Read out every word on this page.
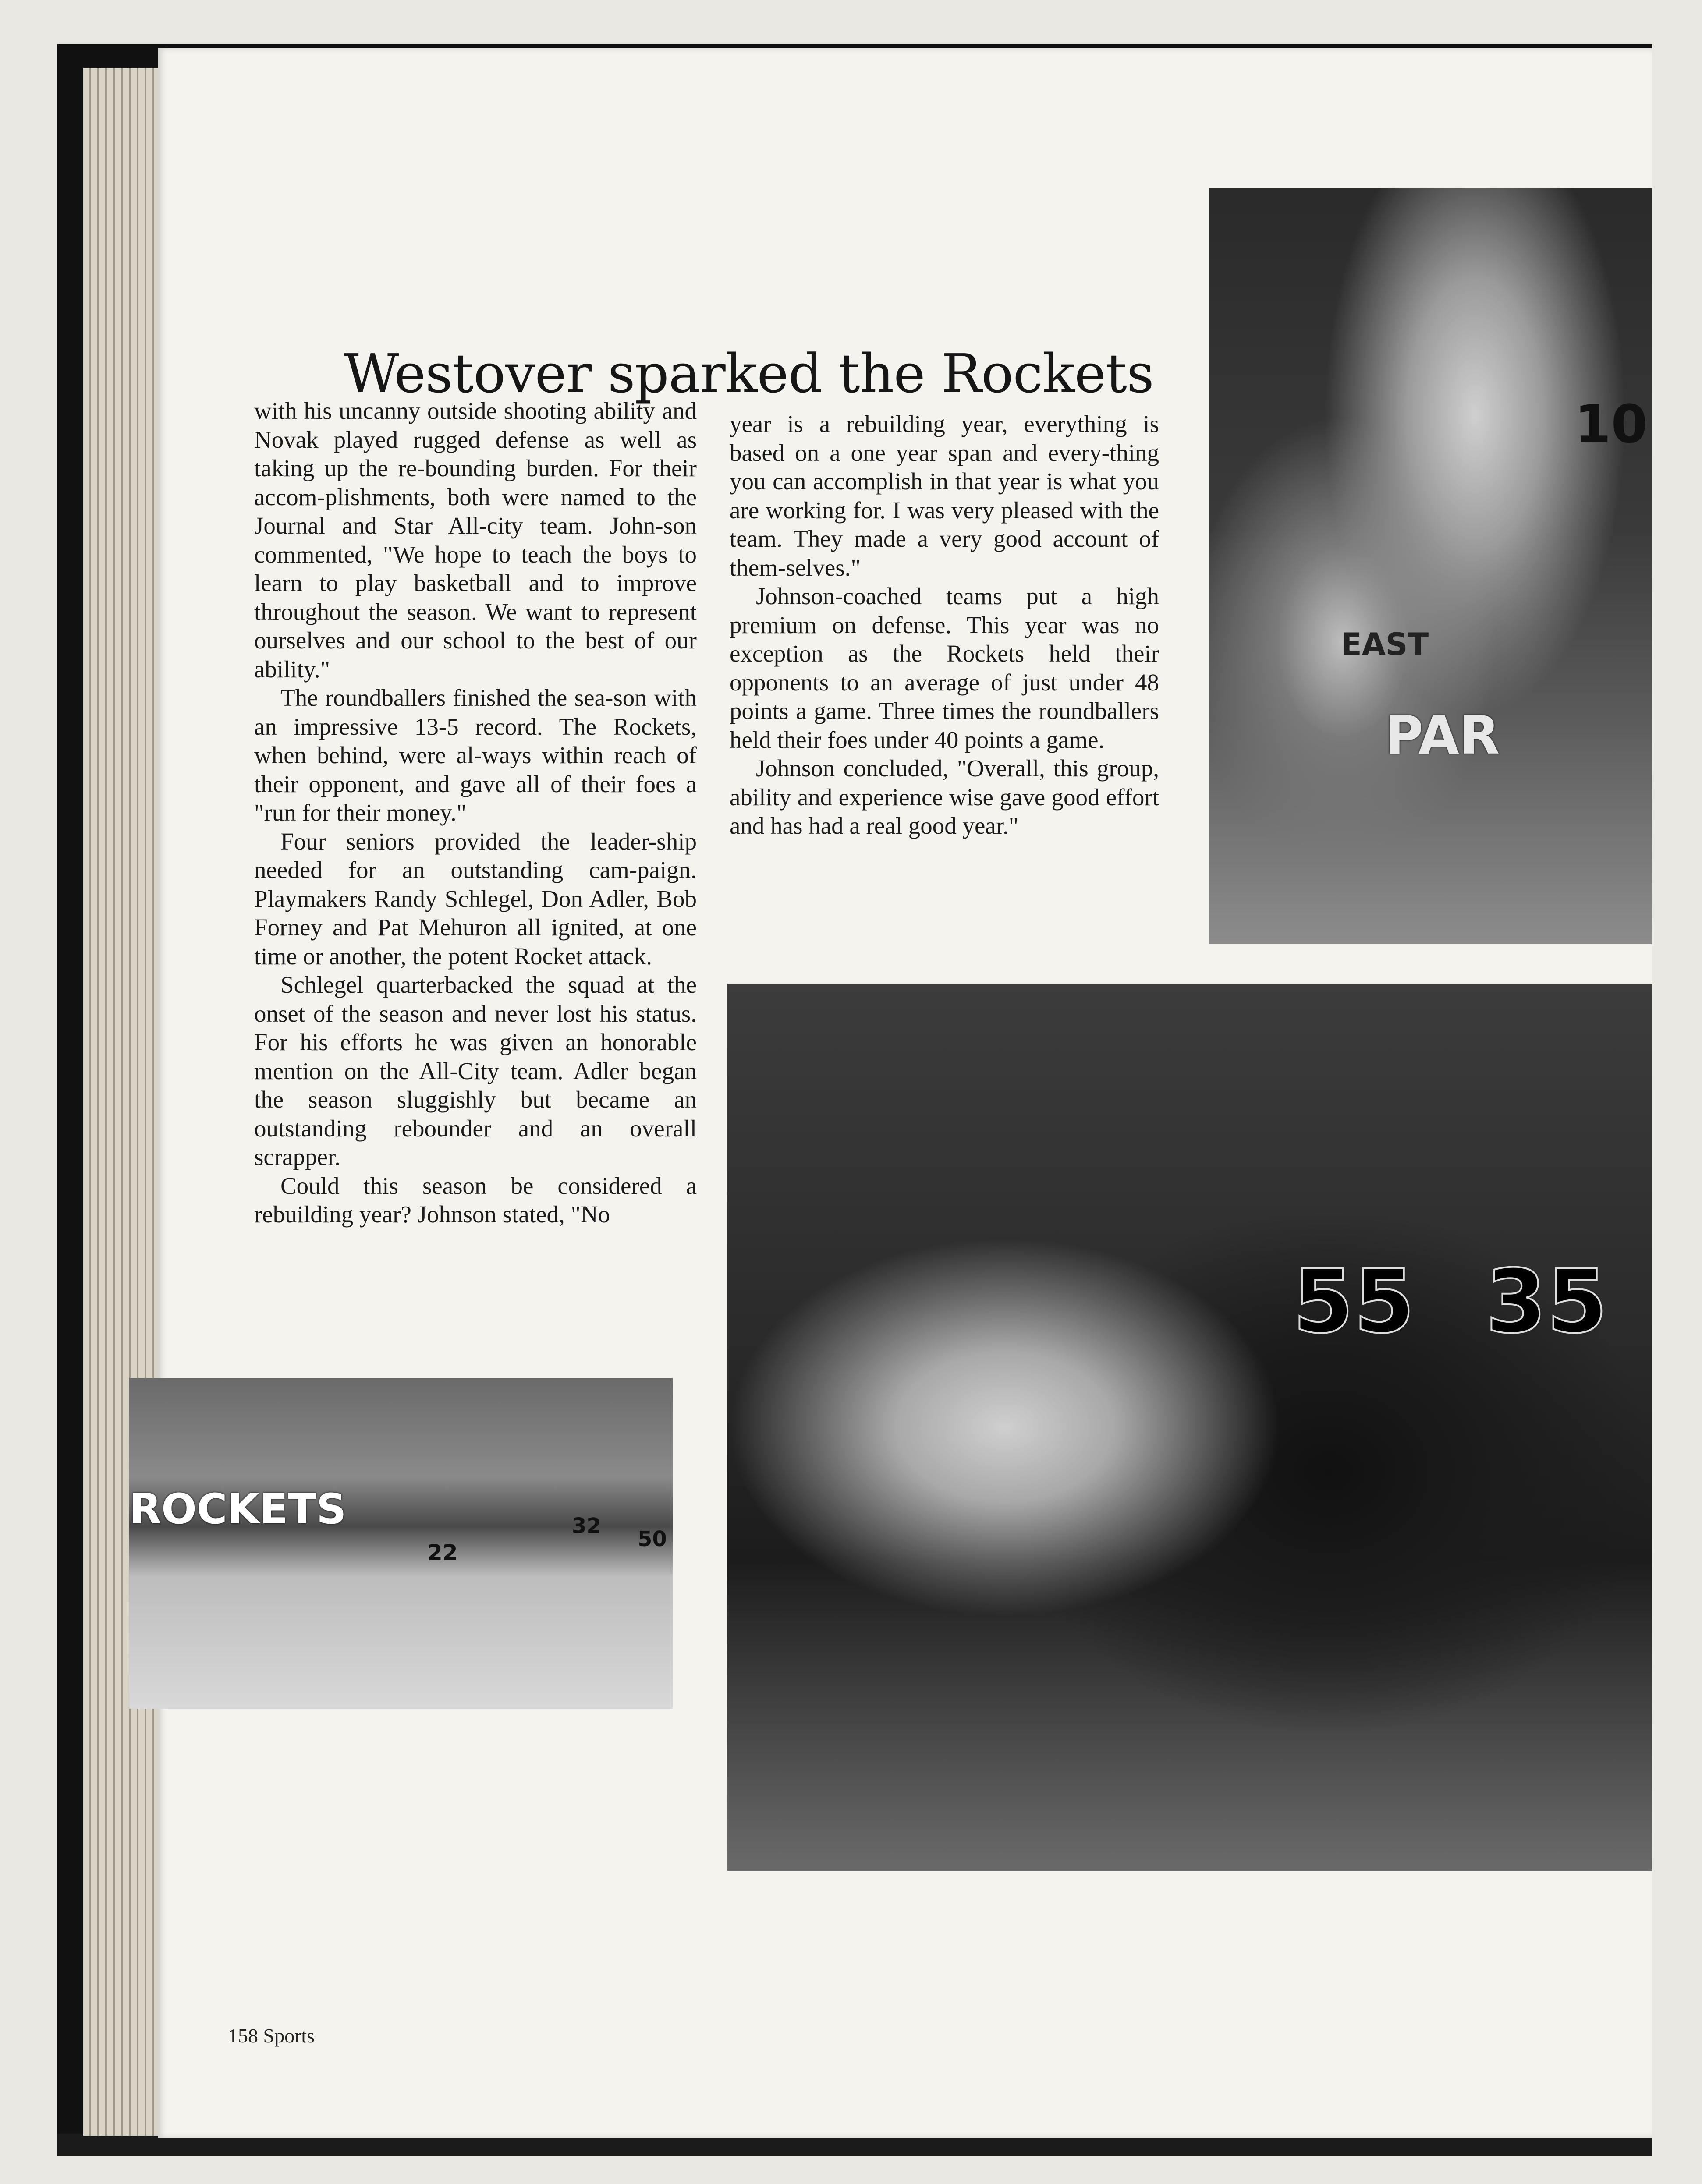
10
EAST
PAR
Westover sparked the Rockets

with his uncanny outside shooting ability and Novak played rugged defense as well as taking up the re-bounding burden. For their accom-plishments, both were named to the Journal and Star All-city team. John-son commented, "We hope to teach the boys to learn to play basketball and to improve throughout the season. We want to represent ourselves and our school to the best of our ability."

The roundballers finished the sea-son with an impressive 13-5 record. The Rockets, when behind, were al-ways within reach of their opponent, and gave all of their foes a "run for their money."

Four seniors provided the leader-ship needed for an outstanding cam-paign. Playmakers Randy Schlegel, Don Adler, Bob Forney and Pat Mehuron all ignited, at one time or another, the potent Rocket attack.

Schlegel quarterbacked the squad at the onset of the season and never lost his status. For his efforts he was given an honorable mention on the All-City team. Adler began the season sluggishly but became an outstanding rebounder and an overall scrapper.

Could this season be considered a rebuilding year? Johnson stated, "No

year is a rebuilding year, everything is based on a one year span and every-thing you can accomplish in that year is what you are working for. I was very pleased with the team. They made a very good account of them-selves."

Johnson-coached teams put a high premium on defense. This year was no exception as the Rockets held their opponents to an average of just under 48 points a game. Three times the roundballers held their foes under 40 points a game.

Johnson concluded, "Overall, this group, ability and experience wise gave good effort and has had a real good year."

55 35
ROCKETS
22
32
50
158 Sports
